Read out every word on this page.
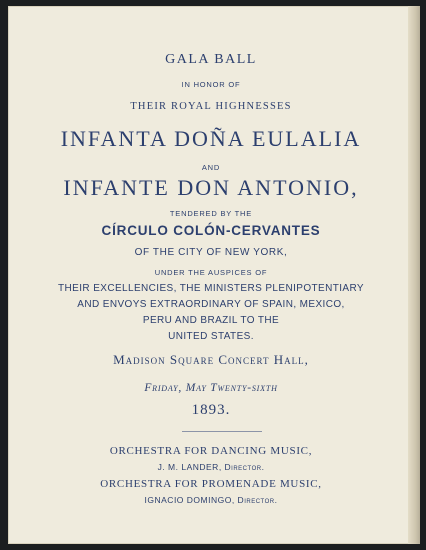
GALA BALL
IN HONOR OF
THEIR ROYAL HIGHNESSES
INFANTA DOÑA EULALIA
AND
INFANTE DON ANTONIO,
TENDERED BY THE
CÍRCULO COLÓN-CERVANTES
OF THE CITY OF NEW YORK,
UNDER THE AUSPICES OF
THEIR EXCELLENCIES, THE MINISTERS PLENIPOTENTIARY
AND ENVOYS EXTRAORDINARY OF SPAIN, MEXICO,
PERU AND BRAZIL TO THE
UNITED STATES.
Madison Square Concert Hall,
Friday, May Twenty-sixth
1893.
ORCHESTRA FOR DANCING MUSIC,
J. M. LANDER, Director.
ORCHESTRA FOR PROMENADE MUSIC,
IGNACIO DOMINGO, Director.
